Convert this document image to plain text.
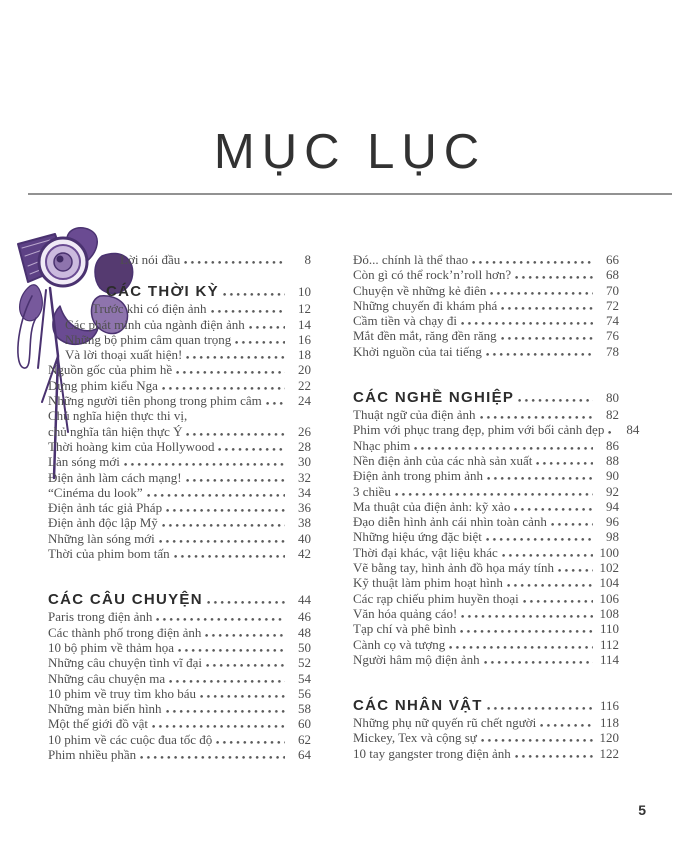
MỤC LỤC
Lời nói đầu	8
CÁC THỜI KỲ	10
Trước khi có điện ảnh	12
Các phát minh của ngành điện ảnh	14
Những bộ phim câm quan trọng	16
Và lời thoại xuất hiện!	18
Nguồn gốc của phim hề	20
Dựng phim kiểu Nga	22
Những người tiên phong trong phim câm	24
Chủ nghĩa hiện thực thi vị,
chủ nghĩa tân hiện thực Ý	26
Thời hoàng kim của Hollywood	28
Làn sóng mới	30
Điện ảnh làm cách mạng!	32
“Cinéma du look”	34
Điện ảnh tác giả Pháp	36
Điện ảnh độc lập Mỹ	38
Những làn sóng mới	40
Thời của phim bom tấn	42
CÁC CÂU CHUYỆN	44
Paris trong điện ảnh	46
Các thành phố trong điện ảnh	48
10 bộ phim về thảm họa	50
Những câu chuyện tình vĩ đại	52
Những câu chuyện ma	54
10 phim về truy tìm kho báu	56
Những màn biến hình	58
Một thế giới đồ vật	60
10 phim về các cuộc đua tốc độ	62
Phim nhiều phần	64
Đó... chính là thể thao	66
Còn gì có thể rock’n’roll hơn?	68
Chuyện về những kẻ điên	70
Những chuyến đi khám phá	72
Cầm tiền và chạy đi	74
Mắt đền mắt, răng đền răng	76
Khởi nguồn của tai tiếng	78
CÁC NGHỀ NGHIỆP	80
Thuật ngữ của điện ảnh	82
Phim với phục trang đẹp, phim với bối cảnh đẹp	84
Nhạc phim	86
Nền điện ảnh của các nhà sản xuất	88
Điện ảnh trong phim ảnh	90
3 chiều	92
Ma thuật của điện ảnh: kỹ xảo	94
Đạo diễn hình ảnh cái nhìn toàn cảnh	96
Những hiệu ứng đặc biệt	98
Thời đại khác, vật liệu khác	100
Vẽ bằng tay, hình ảnh đồ họa máy tính	102
Kỹ thuật làm phim hoạt hình	104
Các rạp chiếu phim huyền thoại	106
Văn hóa quảng cáo!	108
Tạp chí và phê bình	110
Cành cọ và tượng	112
Người hâm mộ điện ảnh	114
CÁC NHÂN VẬT	116
Những phụ nữ quyến rũ chết người	118
Mickey, Tex và cộng sự	120
10 tay gangster trong điện ảnh	122
5
